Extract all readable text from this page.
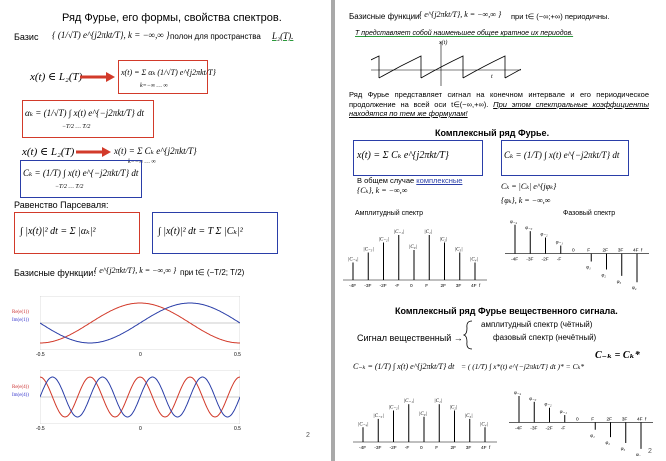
Ряд Фурье, его формы, свойства спектров.
Базис { (1/√T) e^{j2πkt/T}, k = −∞,∞ } полон для пространства L₂(T).
x(t) ∈ L₂(T)	x(t) = Σ αₖ (1/√T) e^{j2πkt/T}
k=−∞ … ∞
αₖ = (1/√T) ∫ x(t) e^{−j2πkt/T} dt
−T/2 … T/2
x(t) ∈ L₂(T)	x(t) = Σ Cₖ e^{j2πkt/T}
k=−∞ … ∞
Cₖ = (1/T) ∫ x(t) e^{−j2πkt/T} dt
−T/2 … T/2
Равенство Парсеваля:
∫ |x(t)|² dt = Σ |αₖ|²	∫ |x(t)|² dt = T Σ |Cₖ|²
Базисные функции:
{ e^{j2πkt/T}, k = −∞,∞ } при t∈ (−T/2; T/2)
Re(e(1))
Im(e(1))
-0.5	0	0.5
Re(e(4))
Im(e(4))
-0.5	0	0.5
2
Базисные функции:
{ e^{j2πkt/T}, k = −∞,∞ } при t∈ (−∞;+∞) периодичны.
T представляет собой наименьшее общее кратное их периодов.
x(t)
t
Ряд Фурье представляет сигнал на конечном интервале и его периодическое продолжение на всей оси t∈(−∞,+∞). При этом спектральные коэффициенты находятся по тем же формулам!
Комплексный ряд Фурье.
x(t) = Σ Cₖ e^{j2πkt/T}	Cₖ = (1/T) ∫ x(t) e^{−j2πkt/T} dt
В общем случае комплексные
{Cₖ}, k = −∞,∞	Cₖ = |Cₖ| e^{jφₖ}
{φₖ}, k = −∞,∞
Амплитудный спектр	Фазовый спектр
|C₋₄|
|C₋₃|
|C₋₂|
|C₋₁|
|C₀|
|C₁|
|C₂|
|C₃|
|C₄|
-4F -3F -2F -F 0	F	2F 3F 4F f
φ₋₄
φ₋₃
φ₋₂
φ₋₁
φ₁
φ₂
φ₃
φ₄
-4F -3F -2F -F
0	F	2F 3F 4F f
Комплексный ряд Фурье вещественного сигнала.
Сигнал вещественный →
амплитудный спектр (чётный)
фазовый спектр (нечётный)
C₋ₖ = (1/T) ∫ x(t) e^{j2πkt/T} dt = ( (1/T) ∫ x*(t) e^{−j2πkt/T} dt )* = Cₖ*
C₋ₖ = Cₖ*
|C₋₄|
|C₋₃|
|C₋₂|
|C₋₁|
|C₀|
|C₁|
|C₂|
|C₃|
|C₄|
-4F -3F -2F -F 0	F	2F 3F 4F f
φ₋₄
φ₋₃
φ₋₂
φ₋₁
φ₁
φ₂
φ₃
φ₄
-4F -3F -2F -F
0	F	2F 3F 4F f
2
